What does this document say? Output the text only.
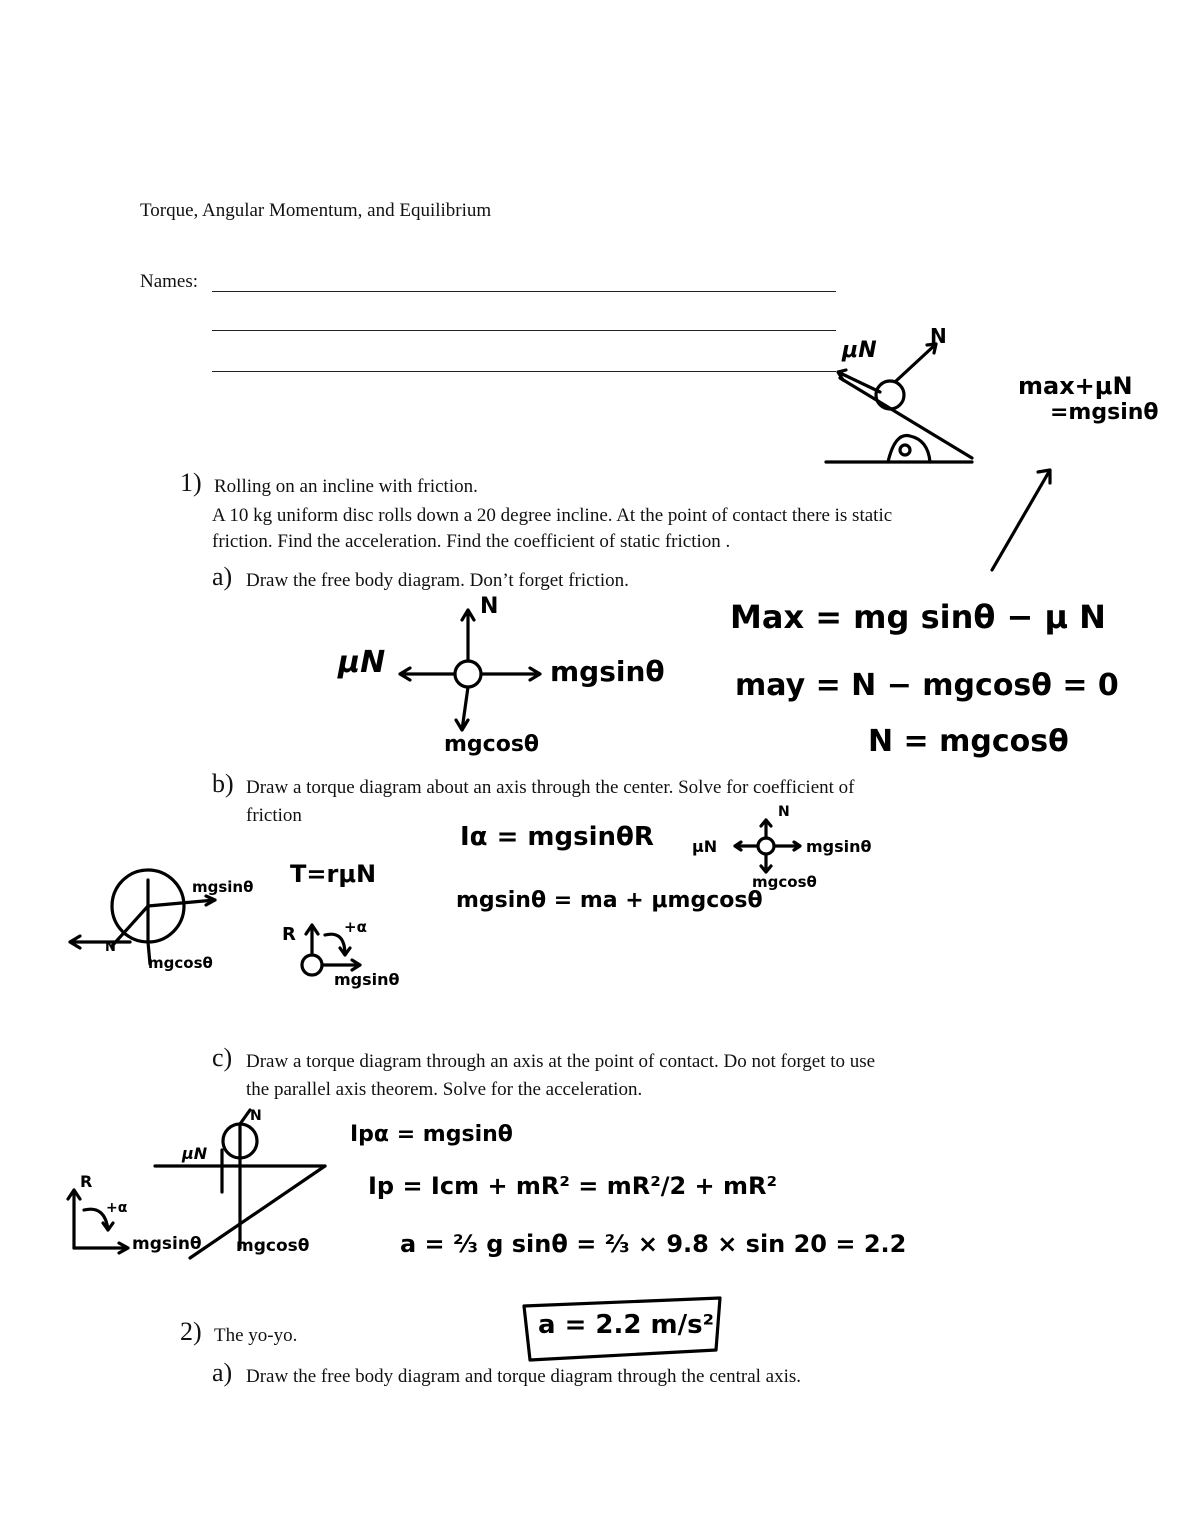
Torque, Angular Momentum, and Equilibrium
Names:
1) Rolling on an incline with friction.
A 10 kg uniform disc rolls down a 20 degree incline. At the point of contact there is static
friction. Find the acceleration. Find the coefficient of static friction .
a) Draw the free body diagram. Don’t forget friction.
b) Draw a torque diagram about an axis through the center. Solve for coefficient of
friction
c) Draw a torque diagram through an axis at the point of contact. Do not forget to use
the parallel axis theorem. Solve for the acceleration.
2) The yo-yo.
a) Draw the free body diagram and torque diagram through the central axis.
μN
N
max+μN
=mgsinθ
N
μN	mgsinθ
mgcosθ
Max = mg sinθ − μ N
may = N − mgcosθ = 0
N = mgcosθ
T=rμN
Iα = mgsinθR
mgsinθ = ma + μmgcosθ
μN
N
mgsinθ
mgcosθ
mgsinθ
mgcosθ
N
R	+α
mgsinθ
μN
N
mgsinθ mgcosθ
R
+α
Ipα = mgsinθ
Ip = Icm + mR² = mR²/2 + mR²
a = ⅔ g sinθ = ⅔ × 9.8 × sin 20 = 2.2
a = 2.2 m/s²
